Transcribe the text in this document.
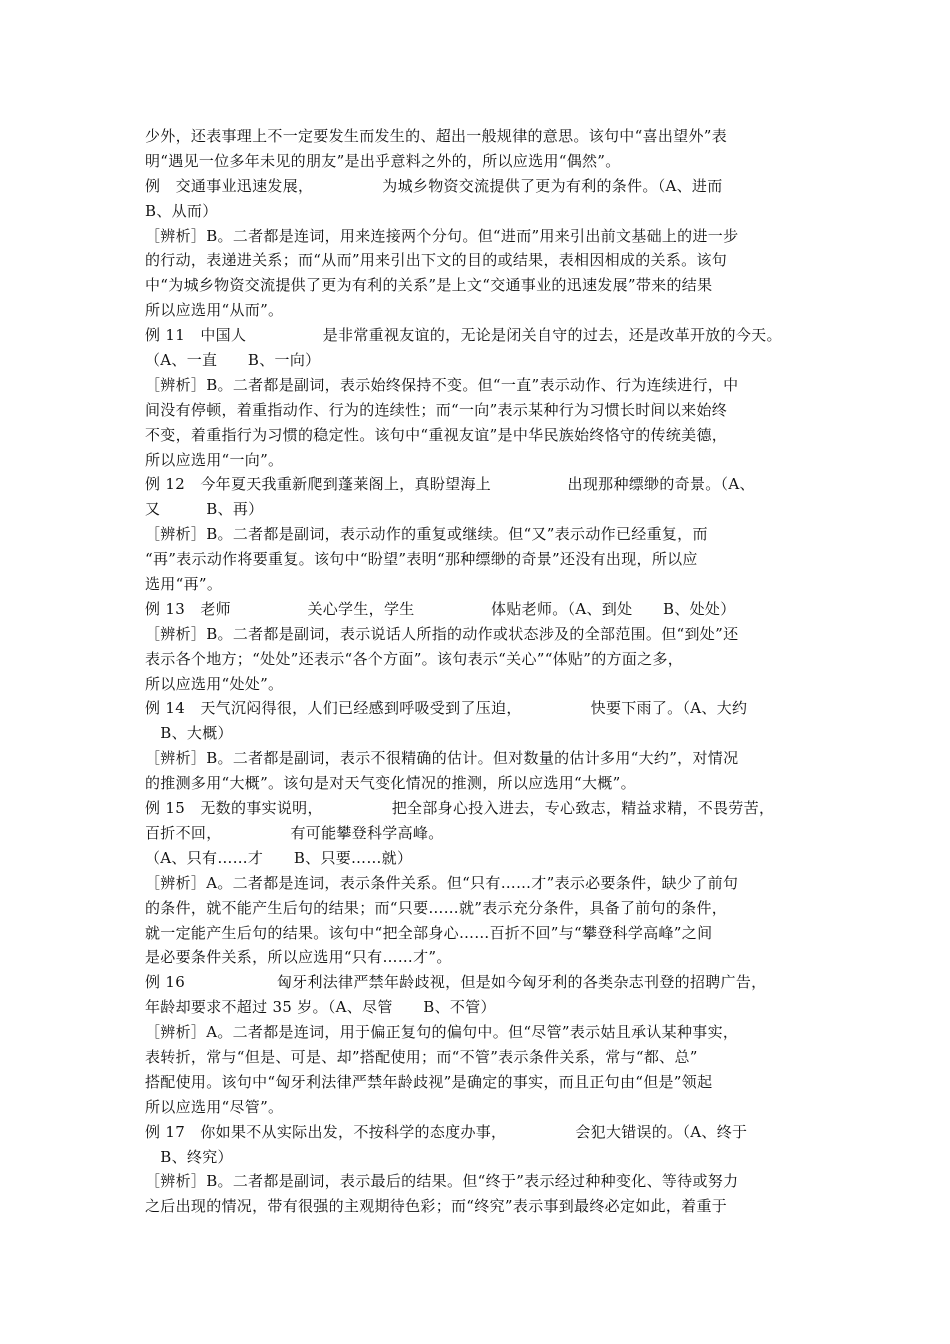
少外，还表事理上不一定要发生而发生的、超出一般规律的意思。该句中“喜出望外”表
明“遇见一位多年未见的朋友”是出乎意料之外的，所以应选用“偶然”。
例　交通事业迅速发展，　　　　　为城乡物资交流提供了更为有利的条件。（A、进而
B、从而）
［辨析］B。二者都是连词，用来连接两个分句。但“进而”用来引出前文基础上的进一步
的行动，表递进关系；而“从而”用来引出下文的目的或结果，表相因相成的关系。该句
中“为城乡物资交流提供了更为有利的关系”是上文“交通事业的迅速发展”带来的结果
所以应选用“从而”。
例 11　中国人　　　　　是非常重视友谊的，无论是闭关自守的过去，还是改革开放的今天。
（A、一直　　B、一向）
［辨析］B。二者都是副词，表示始终保持不变。但“一直”表示动作、行为连续进行，中
间没有停顿，着重指动作、行为的连续性；而“一向”表示某种行为习惯长时间以来始终
不变，着重指行为习惯的稳定性。该句中“重视友谊”是中华民族始终恪守的传统美德，
所以应选用“一向”。
例 12　今年夏天我重新爬到蓬莱阁上，真盼望海上　　　　　出现那种缥缈的奇景。（A、
又　　　B、再）
［辨析］B。二者都是副词，表示动作的重复或继续。但“又”表示动作已经重复，而
“再”表示动作将要重复。该句中“盼望”表明“那种缥缈的奇景”还没有出现，所以应
选用“再”。
例 13　老师　　　　　关心学生，学生　　　　　体贴老师。（A、到处　　B、处处）
［辨析］B。二者都是副词，表示说话人所指的动作或状态涉及的全部范围。但“到处”还
表示各个地方；“处处”还表示“各个方面”。该句表示“关心”“体贴”的方面之多，
所以应选用“处处”。
例 14　天气沉闷得很，人们已经感到呼吸受到了压迫，　　　　　快要下雨了。（A、大约
　B、大概）
［辨析］B。二者都是副词，表示不很精确的估计。但对数量的估计多用“大约”，对情况
的推测多用“大概”。该句是对天气变化情况的推测，所以应选用“大概”。
例 15　无数的事实说明，　　　　　把全部身心投入进去，专心致志，精益求精，不畏劳苦，
百折不回，　　　　　有可能攀登科学高峰。
（A、只有……才　　B、只要……就）
［辨析］A。二者都是连词，表示条件关系。但“只有……才”表示必要条件，缺少了前句
的条件，就不能产生后句的结果；而“只要……就”表示充分条件，具备了前句的条件，
就一定能产生后句的结果。该句中“把全部身心……百折不回”与“攀登科学高峰”之间
是必要条件关系，所以应选用“只有……才”。
例 16　　　　　　匈牙利法律严禁年龄歧视，但是如今匈牙利的各类杂志刊登的招聘广告，
年龄却要求不超过 35 岁。（A、尽管　　B、不管）
［辨析］A。二者都是连词，用于偏正复句的偏句中。但“尽管”表示姑且承认某种事实，
表转折，常与“但是、可是、却”搭配使用；而“不管”表示条件关系，常与“都、总”
搭配使用。该句中“匈牙利法律严禁年龄歧视”是确定的事实，而且正句由“但是”领起
所以应选用“尽管”。
例 17　你如果不从实际出发，不按科学的态度办事，　　　　　会犯大错误的。（A、终于
　B、终究）
［辨析］B。二者都是副词，表示最后的结果。但“终于”表示经过种种变化、等待或努力
之后出现的情况，带有很强的主观期待色彩；而“终究”表示事到最终必定如此，着重于
